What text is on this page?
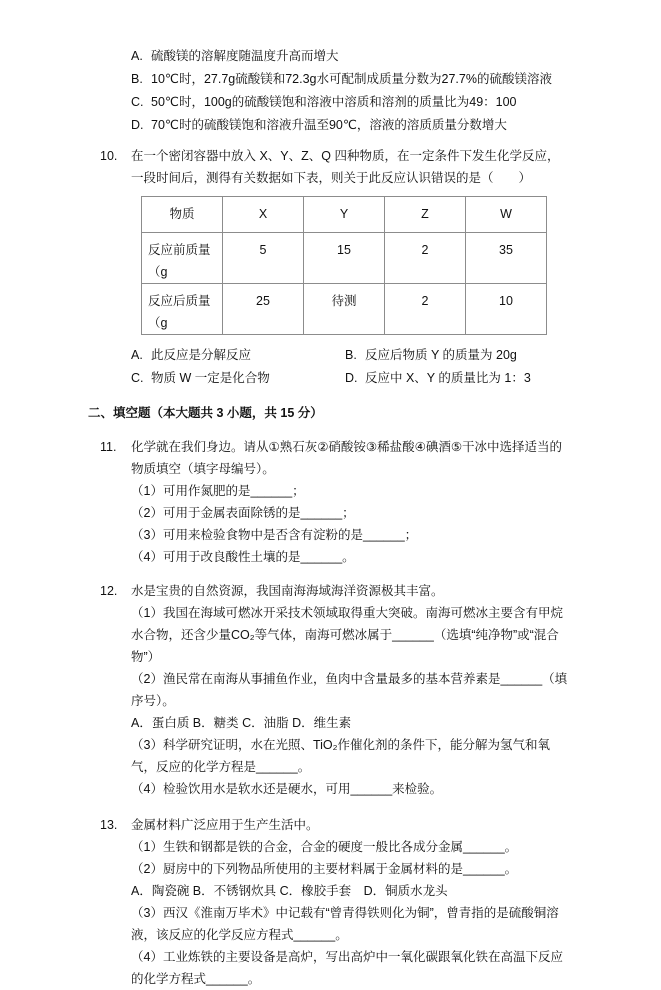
A. 硫酸镁的溶解度随温度升高而增大
B. 10℃时，27.7g硫酸镁和72.3g水可配制成质量分数为27.7%的硫酸镁溶液
C. 50℃时，100g的硫酸镁饱和溶液中溶质和溶剂的质量比为49：100
D. 70℃时的硫酸镁饱和溶液升温至90℃，溶液的溶质质量分数增大
10.	在一个密闭容器中放入 X、Y、Z、Q 四种物质，在一定条件下发生化学反应，一段时间后，测得有关数据如下表，则关于此反应认识错误的是（　　）
物质	X	Y	Z	W
反应前质量（g	5	15	2	35
反应后质量（g	25	待测	2	10
A. 此反应是分解反应	B. 反应后物质 Y 的质量为 20g
C. 物质 W 一定是化合物	D. 反应中 X、Y 的质量比为 1：3
二、填空题（本大题共 3 小题，共 15 分）
11.	化学就在我们身边。请从①熟石灰②硝酸铵③稀盐酸④碘酒⑤干冰中选择适当的物质填空（填字母编号）。
（1）可用作氮肥的是______；
（2）可用于金属表面除锈的是______；
（3）可用来检验食物中是否含有淀粉的是______；
（4）可用于改良酸性土壤的是______。
12.	水是宝贵的自然资源，我国南海海域海洋资源极其丰富。
（1）我国在海域可燃冰开采技术领域取得重大突破。南海可燃冰主要含有甲烷水合物，还含少量CO₂等气体，南海可燃冰属于______（选填“纯净物”或“混合物”）
（2）渔民常在南海从事捕鱼作业，鱼肉中含量最多的基本营养素是______（填序号）。
A．蛋白质 B．糖类 C．油脂 D．维生素
（3）科学研究证明，水在光照、TiO₂作催化剂的条件下，能分解为氢气和氧气，反应的化学方程是______。
（4）检验饮用水是软水还是硬水，可用______来检验。
13.	金属材料广泛应用于生产生活中。
（1）生铁和钢都是铁的合金，合金的硬度一般比各成分金属______。
（2）厨房中的下列物品所使用的主要材料属于金属材料的是______。
A．陶瓷碗 B．不锈钢炊具 C．橡胶手套　D．铜质水龙头
（3）西汉《淮南万毕术》中记载有“曾青得铁则化为铜”，曾青指的是硫酸铜溶液，该反应的化学反应方程式______。
（4）工业炼铁的主要设备是高炉，写出高炉中一氧化碳跟氧化铁在高温下反应的化学方程式______。
